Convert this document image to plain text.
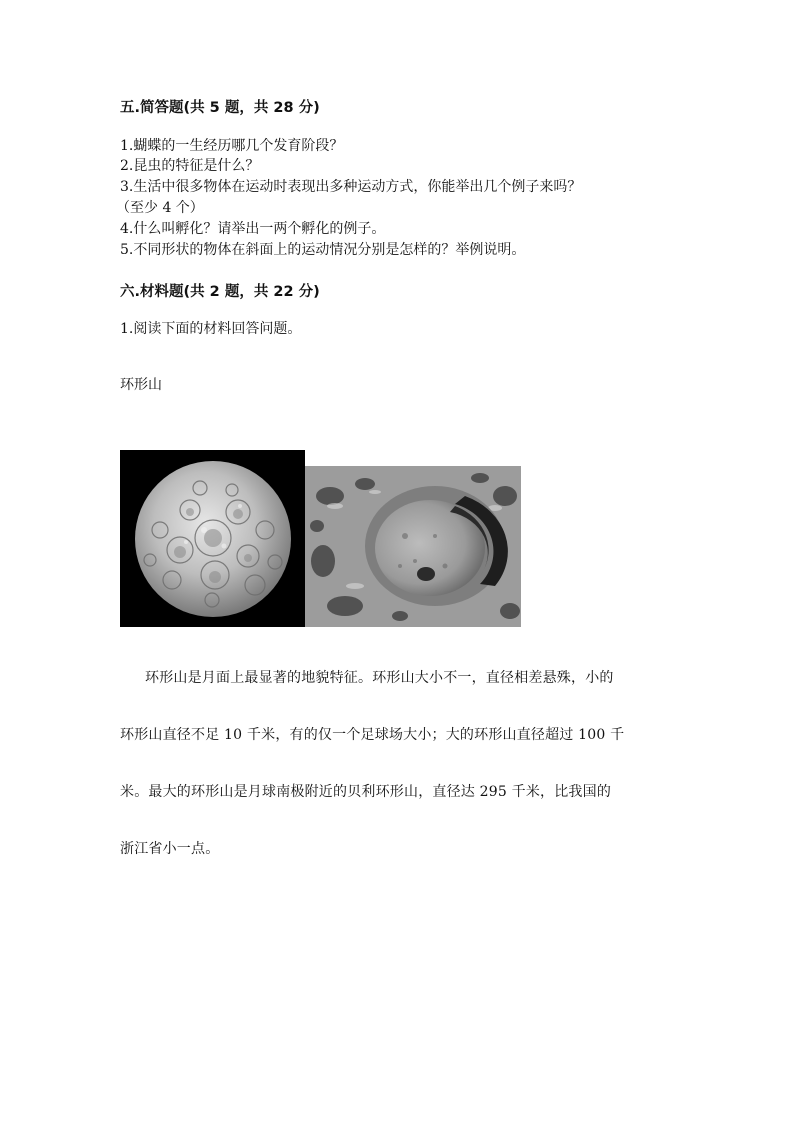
五.简答题(共 5 题，共 28 分)
1.蝴蝶的一生经历哪几个发育阶段？
2.昆虫的特征是什么？
3.生活中很多物体在运动时表现出多种运动方式，你能举出几个例子来吗？
（至少 4 个）
4.什么叫孵化？请举出一两个孵化的例子。
5.不同形状的物体在斜面上的运动情况分别是怎样的？举例说明。
六.材料题(共 2 题，共 22 分)
1.阅读下面的材料回答问题。
环形山
环形山是月面上最显著的地貌特征。环形山大小不一，直径相差悬殊，小的
环形山直径不足 10 千米，有的仅一个足球场大小；大的环形山直径超过 100 千
米。最大的环形山是月球南极附近的贝利环形山，直径达 295 千米，比我国的
浙江省小一点。
